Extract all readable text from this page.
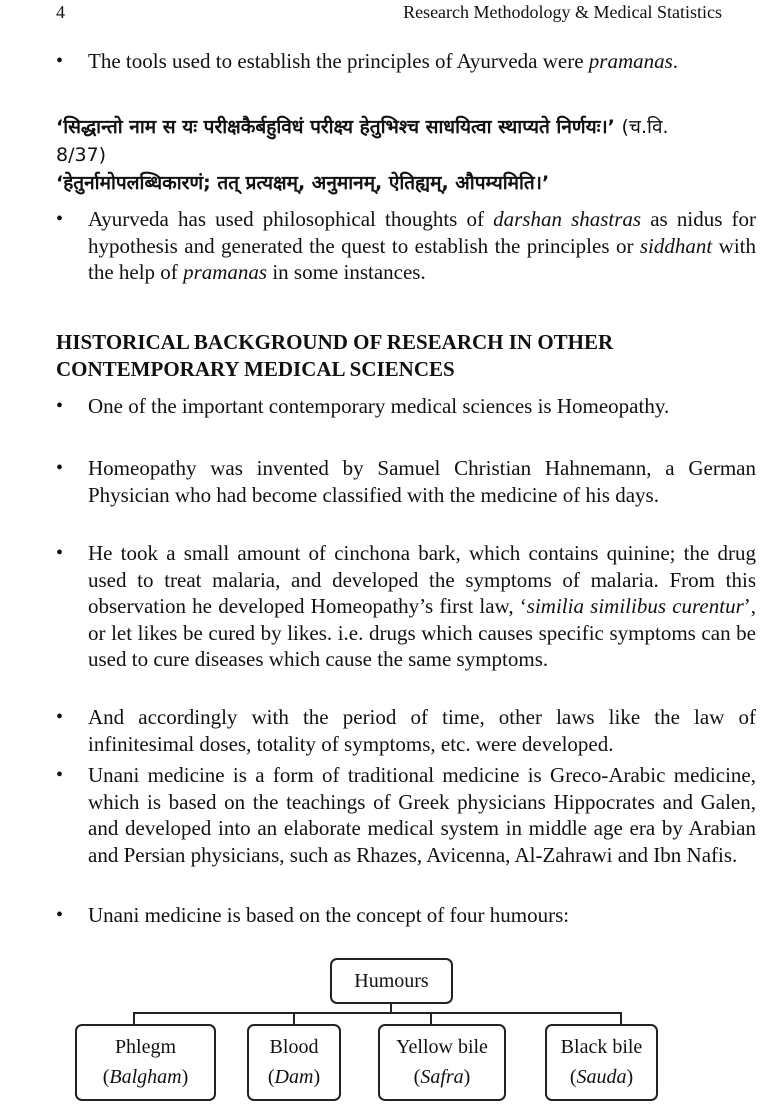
4	Research Methodology & Medical Statistics
• The tools used to establish the principles of Ayurveda were pramanas.
‘सिद्धान्तो नाम स यः परीक्षकैर्बहुविधं परीक्ष्य हेतुभिश्च साधयित्वा स्थाप्यते निर्णयः।’ (च.वि. 8/37)
‘हेतुर्नामोपलब्धिकारणं; तत् प्रत्यक्षम्, अनुमानम्, ऐतिह्यम्, औपम्यमिति।’
• Ayurveda has used philosophical thoughts of darshan shastras as nidus for hypothesis and generated the quest to establish the principles or siddhant with the help of pramanas in some instances.
HISTORICAL BACKGROUND OF RESEARCH IN OTHER CONTEMPORARY MEDICAL SCIENCES
• One of the important contemporary medical sciences is Homeopathy.
• Homeopathy was invented by Samuel Christian Hahnemann, a German Physician who had become classified with the medicine of his days.
• He took a small amount of cinchona bark, which contains quinine; the drug used to treat malaria, and developed the symptoms of malaria. From this observation he developed Homeopathy’s first law, ‘similia similibus curentur’, or let likes be cured by likes. i.e. drugs which causes specific symptoms can be used to cure diseases which cause the same symptoms.
• And accordingly with the period of time, other laws like the law of infinitesimal doses, totality of symptoms, etc. were developed.
• Unani medicine is a form of traditional medicine is Greco-Arabic medicine, which is based on the teachings of Greek physicians Hippocrates and Galen, and developed into an elaborate medical system in middle age era by Arabian and Persian physicians, such as Rhazes, Avicenna, Al-Zahrawi and Ibn Nafis.
• Unani medicine is based on the concept of four humours:
Humours
Phlegm
(Balgham)
Blood
(Dam)
Yellow bile
(Safra)
Black bile
(Sauda)
